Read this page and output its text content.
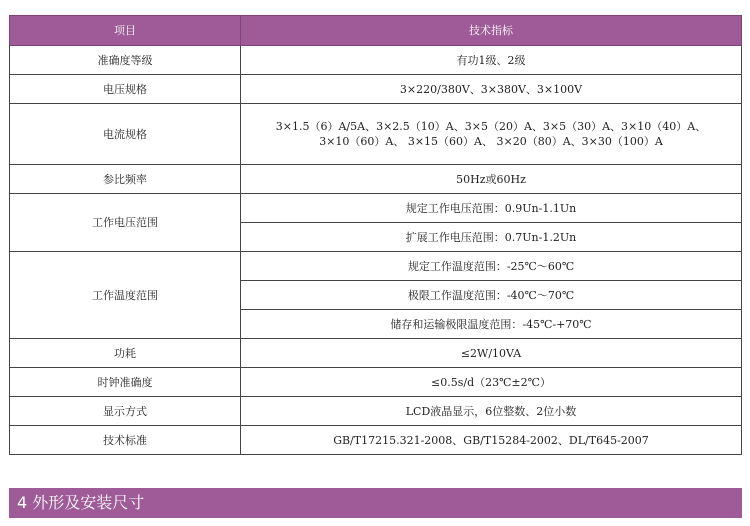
项目	技术指标
准确度等级	有功1级、2级
电压规格	3×220/380V、3×380V、3×100V
电流规格	3×1.5（6）A/5A、3×2.5（10）A、3×5（20）A、3×5（30）A、3×10（40）A、
3×10（60）A、 3×15（60）A、 3×20（80）A、3×30（100）A

参比频率	50Hz或60Hz
工作电压范围	规定工作电压范围：0.9Un-1.1Un
	扩展工作电压范围：0.7Un-1.2Un
工作温度范围	规定工作温度范围：-25℃～60℃
	极限工作温度范围：-40℃～70℃
	储存和运输极限温度范围：-45℃-+70℃
功耗	≤2W/10VA
时钟准确度	≤0.5s/d（23℃±2℃）
显示方式	LCD液晶显示，6位整数、2位小数
技术标准	GB/T17215.321-2008、GB/T15284-2002、DL/T645-2007
4 外形及安装尺寸
